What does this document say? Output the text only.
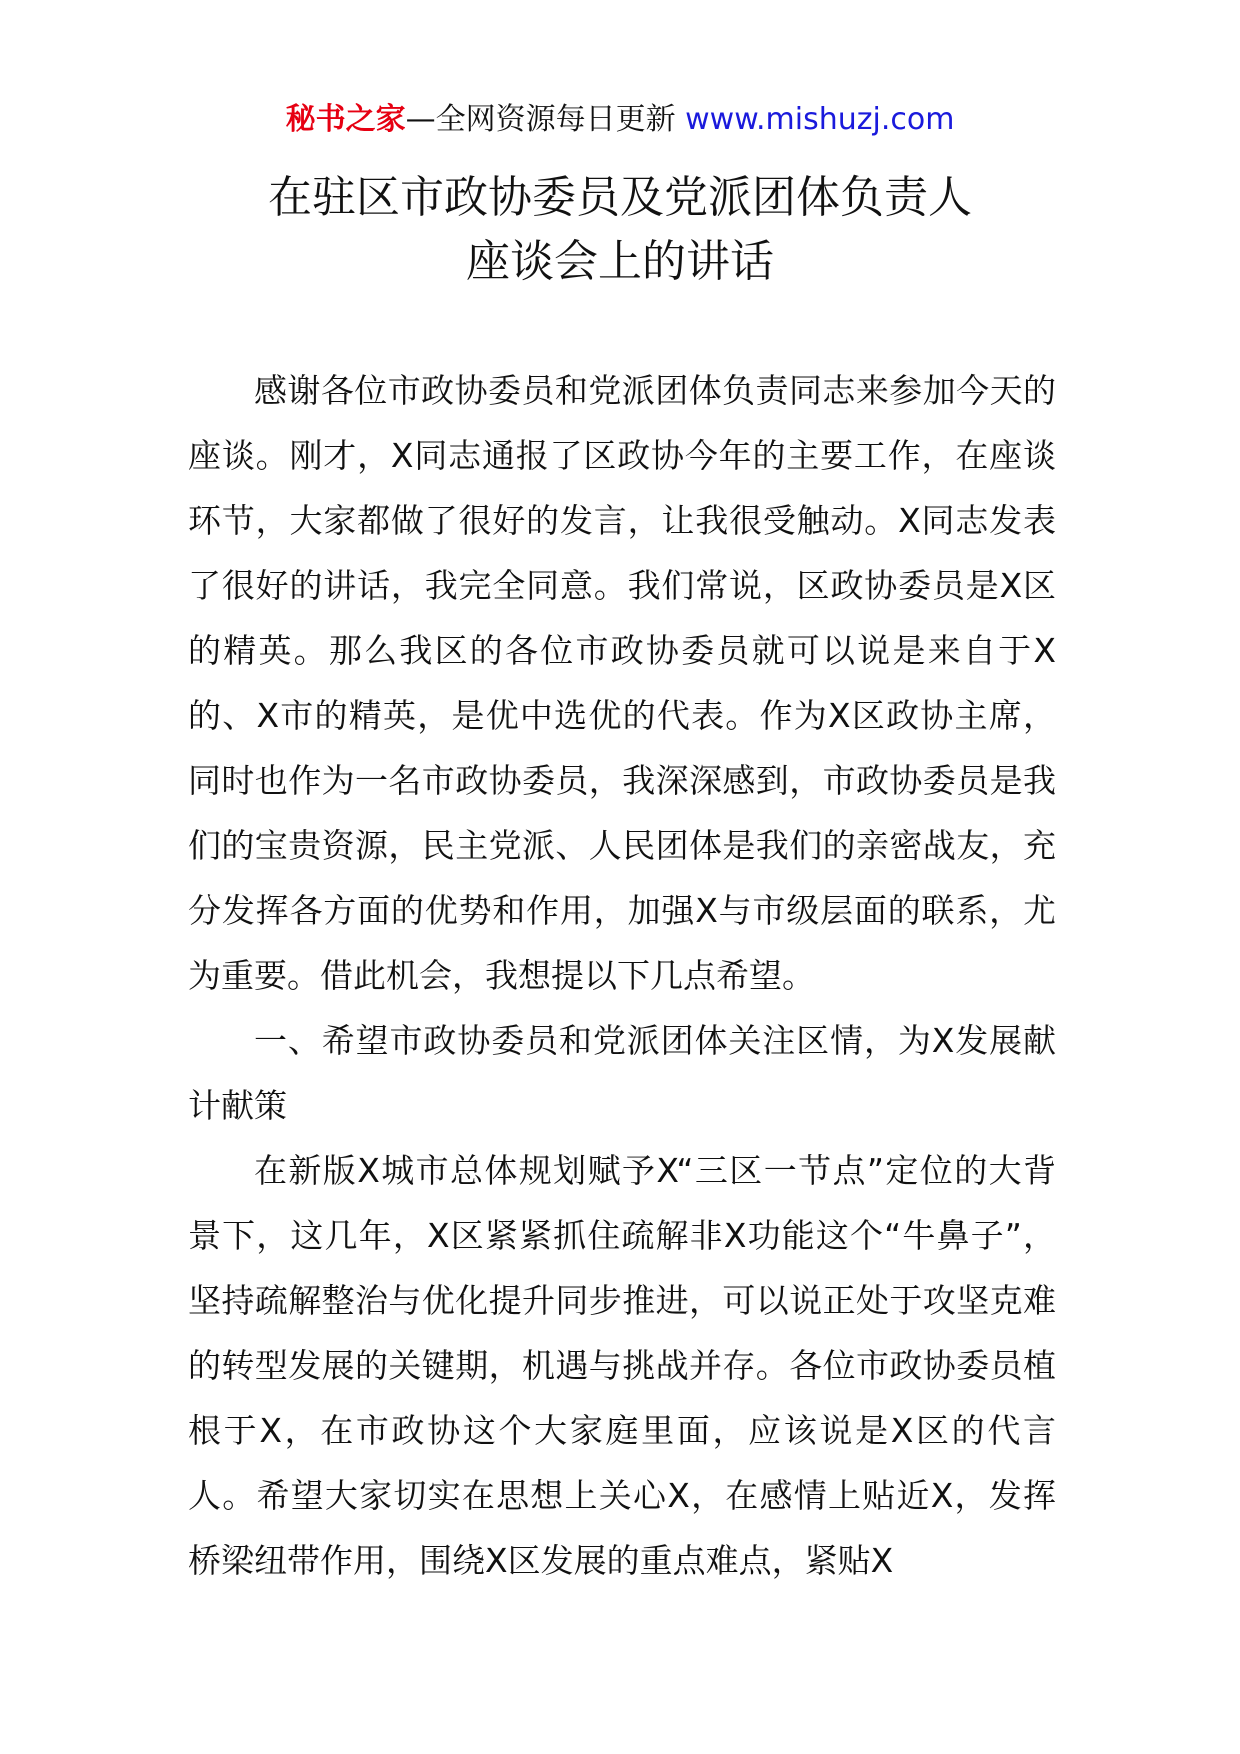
秘书之家—全网资源每日更新 www.mishuzj.com
在驻区市政协委员及党派团体负责人
座谈会上的讲话

感谢各位市政协委员和党派团体负责同志来参加今天的座谈。刚才，X同志通报了区政协今年的主要工作，在座谈环节，大家都做了很好的发言，让我很受触动。X同志发表了很好的讲话，我完全同意。我们常说，区政协委员是X区的精英。那么我区的各位市政协委员就可以说是来自于X的、X市的精英，是优中选优的代表。作为X区政协主席，同时也作为一名市政协委员，我深深感到，市政协委员是我们的宝贵资源，民主党派、人民团体是我们的亲密战友，充分发挥各方面的优势和作用，加强X与市级层面的联系，尤为重要。借此机会，我想提以下几点希望。

一、希望市政协委员和党派团体关注区情，为X发展献计献策

在新版X城市总体规划赋予X“三区一节点”定位的大背景下，这几年，X区紧紧抓住疏解非X功能这个“牛鼻子”，坚持疏解整治与优化提升同步推进，可以说正处于攻坚克难的转型发展的关键期，机遇与挑战并存。各位市政协委员植根于X，在市政协这个大家庭里面，应该说是X区的代言人。希望大家切实在思想上关心X，在感情上贴近X，发挥桥梁纽带作用，围绕X区发展的重点难点，紧贴X
